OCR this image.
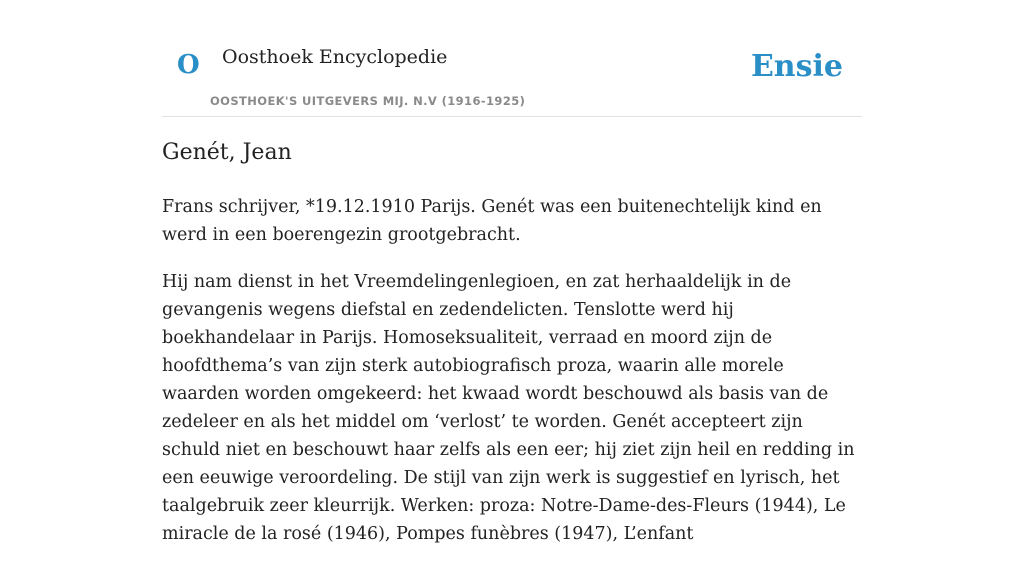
O Oosthoek Encyclopedie
OOSTHOEK'S UITGEVERS MIJ. N.V (1916-1925)
Ensie
Genét, Jean

Frans schrijver, *19.12.1910 Parijs. Genét was een buitenechtelijk kind en werd in een boerengezin grootgebracht.

Hij nam dienst in het Vreemdelingenlegioen, en zat herhaaldelijk in de gevangenis wegens diefstal en zedendelicten. Tenslotte werd hij boekhandelaar in Parijs. Homoseksualiteit, verraad en moord zijn de hoofdthema’s van zijn sterk autobiografisch proza, waarin alle morele waarden worden omgekeerd: het kwaad wordt beschouwd als basis van de zedeleer en als het middel om ‘verlost’ te worden. Genét accepteert zijn schuld niet en beschouwt haar zelfs als een eer; hij ziet zijn heil en redding in een eeuwige veroordeling. De stijl van zijn werk is suggestief en lyrisch, het taalgebruik zeer kleurrijk. Werken: proza: Notre-Dame-des-Fleurs (1944), Le miracle de la rosé (1946), Pompes funèbres (1947), L’enfant
